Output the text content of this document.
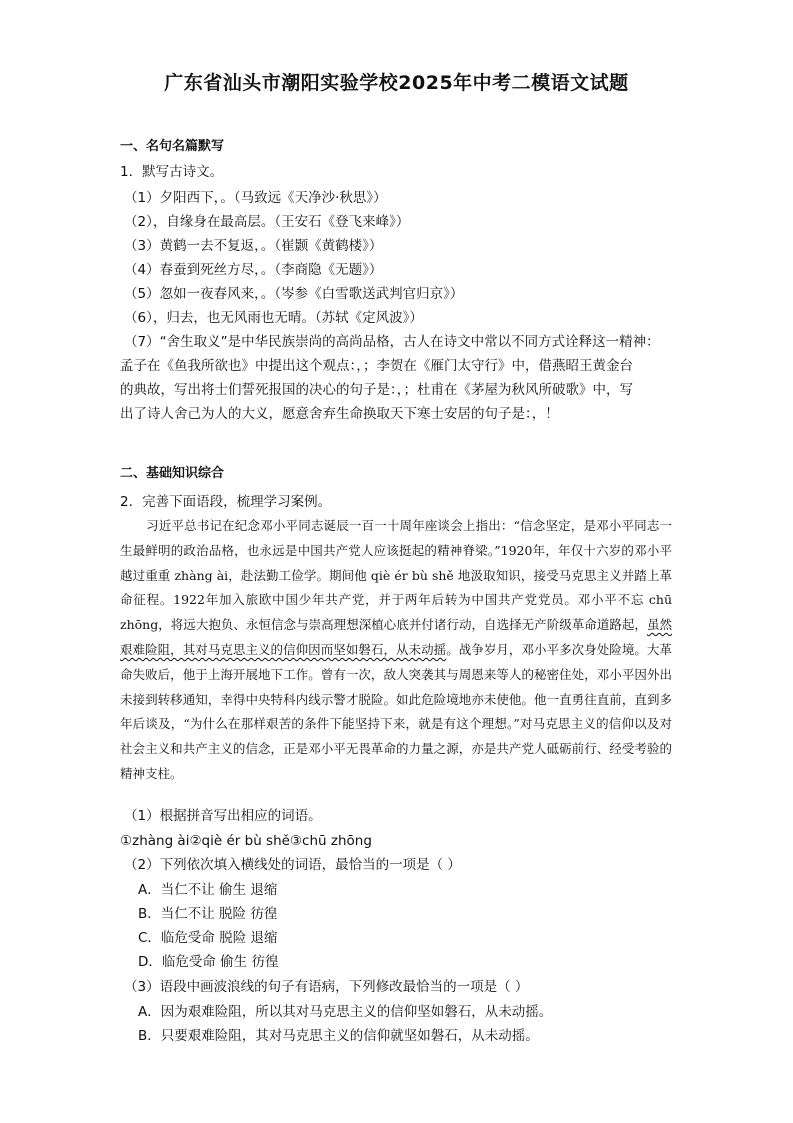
广东省汕头市潮阳实验学校2025年中考二模语文试题
一、名句名篇默写
1．默写古诗文。
（1）夕阳西下，。（马致远《天净沙·秋思》）
（2），自缘身在最高层。（王安石《登飞来峰》）
（3）黄鹤一去不复返，。（崔颢《黄鹤楼》）
（4）春蚕到死丝方尽，。（李商隐《无题》）
（5）忽如一夜春风来，。（岑参《白雪歌送武判官归京》）
（6），归去，也无风雨也无晴。（苏轼《定风波》）
（7）“舍生取义”是中华民族崇尚的高尚品格，古人在诗文中常以不同方式诠释这一精神：
孟子在《鱼我所欲也》中提出这个观点：，；李贺在《雁门太守行》中，借燕昭王黄金台
的典故，写出将士们誓死报国的决心的句子是：，；杜甫在《茅屋为秋风所破歌》中，写
出了诗人舍己为人的大义，愿意舍弃生命换取天下寒士安居的句子是：，！
二、基础知识综合
2．完善下面语段，梳理学习案例。
习近平总书记在纪念邓小平同志诞辰一百一十周年座谈会上指出：“信念坚定，是邓小平同志一生最鲜明的政治品格，也永远是中国共产党人应该挺起的精神脊梁。”1920年，年仅十六岁的邓小平越过重重 zhàng ài，赴法勤工俭学。期间他 qiè ér bù shě 地汲取知识，接受马克思主义并踏上革命征程。1922年加入旅欧中国少年共产党，并于两年后转为中国共产党党员。邓小平不忘 chū zhōng，将远大抱负、永恒信念与崇高理想深植心底并付诸行动，自选择无产阶级革命道路起，虽然艰难险阻，其对马克思主义的信仰因而坚如磐石，从未动摇。战争岁月，邓小平多次身处险境。大革命失败后，他于上海开展地下工作。曾有一次，敌人突袭其与周恩来等人的秘密住处，邓小平因外出未接到转移通知，幸得中央特科内线示警才脱险。如此危险境地亦未使他。他一直勇往直前，直到多年后谈及，“为什么在那样艰苦的条件下能坚持下来，就是有这个理想。”对马克思主义的信仰以及对社会主义和共产主义的信念，正是邓小平无畏革命的力量之源，亦是共产党人砥砺前行、经受考验的精神支柱。
（1）根据拼音写出相应的词语。
①zhàng ài②qiè ér bù shě③chū zhōng
（2）下列依次填入横线处的词语，最恰当的一项是（ ）
A．当仁不让 偷生 退缩
B．当仁不让 脱险 彷徨
C．临危受命 脱险 退缩
D．临危受命 偷生 彷徨
（3）语段中画波浪线的句子有语病，下列修改最恰当的一项是（ ）
A．因为艰难险阻，所以其对马克思主义的信仰坚如磐石，从未动摇。
B．只要艰难险阻，其对马克思主义的信仰就坚如磐石，从未动摇。
